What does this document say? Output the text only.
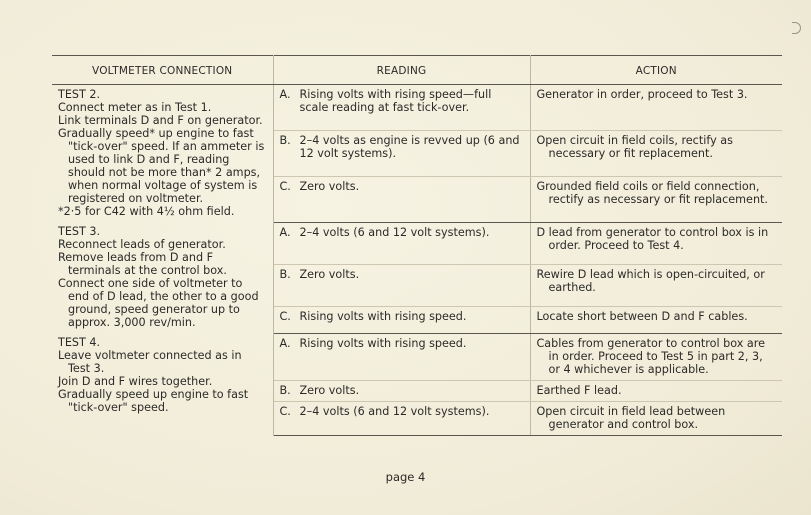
VOLTMETER CONNECTION	READING	ACTION

TEST 2.
Connect meter as in Test 1.
Link terminals D and F on generator.
Gradually speed* up engine to fast "tick-over" speed. If an ammeter is used to link D and F, reading should not be more than* 2 amps, when normal voltage of system is registered on voltmeter.
*2·5 for C42 with 4½ ohm field.	A. Rising volts with rising speed—full scale reading at fast tick-over.	Generator in order, proceed to Test 3.

	B. 2–4 volts as engine is revved up (6 and 12 volt systems).	Open circuit in field coils, rectify as necessary or fit replacement.

	C. Zero volts.	Grounded field coils or field connection, rectify as necessary or fit replacement.

TEST 3.
Reconnect leads of generator.
Remove leads from D and F terminals at the control box.
Connect one side of voltmeter to end of D lead, the other to a good ground, speed generator up to approx. 3,000 rev/min.	A. 2–4 volts (6 and 12 volt systems).	D lead from generator to control box is in order. Proceed to Test 4.

	B. Zero volts.	Rewire D lead which is open-circuited, or earthed.

	C. Rising volts with rising speed.	Locate short between D and F cables.

TEST 4.
Leave voltmeter connected as in Test 3.
Join D and F wires together.
Gradually speed up engine to fast "tick-over" speed.	A. Rising volts with rising speed.	Cables from generator to control box are in order. Proceed to Test 5 in part 2, 3, or 4 whichever is applicable.

	B. Zero volts.	Earthed F lead.

	C. 2–4 volts (6 and 12 volt systems).	Open circuit in field lead between generator and control box.
page 4
